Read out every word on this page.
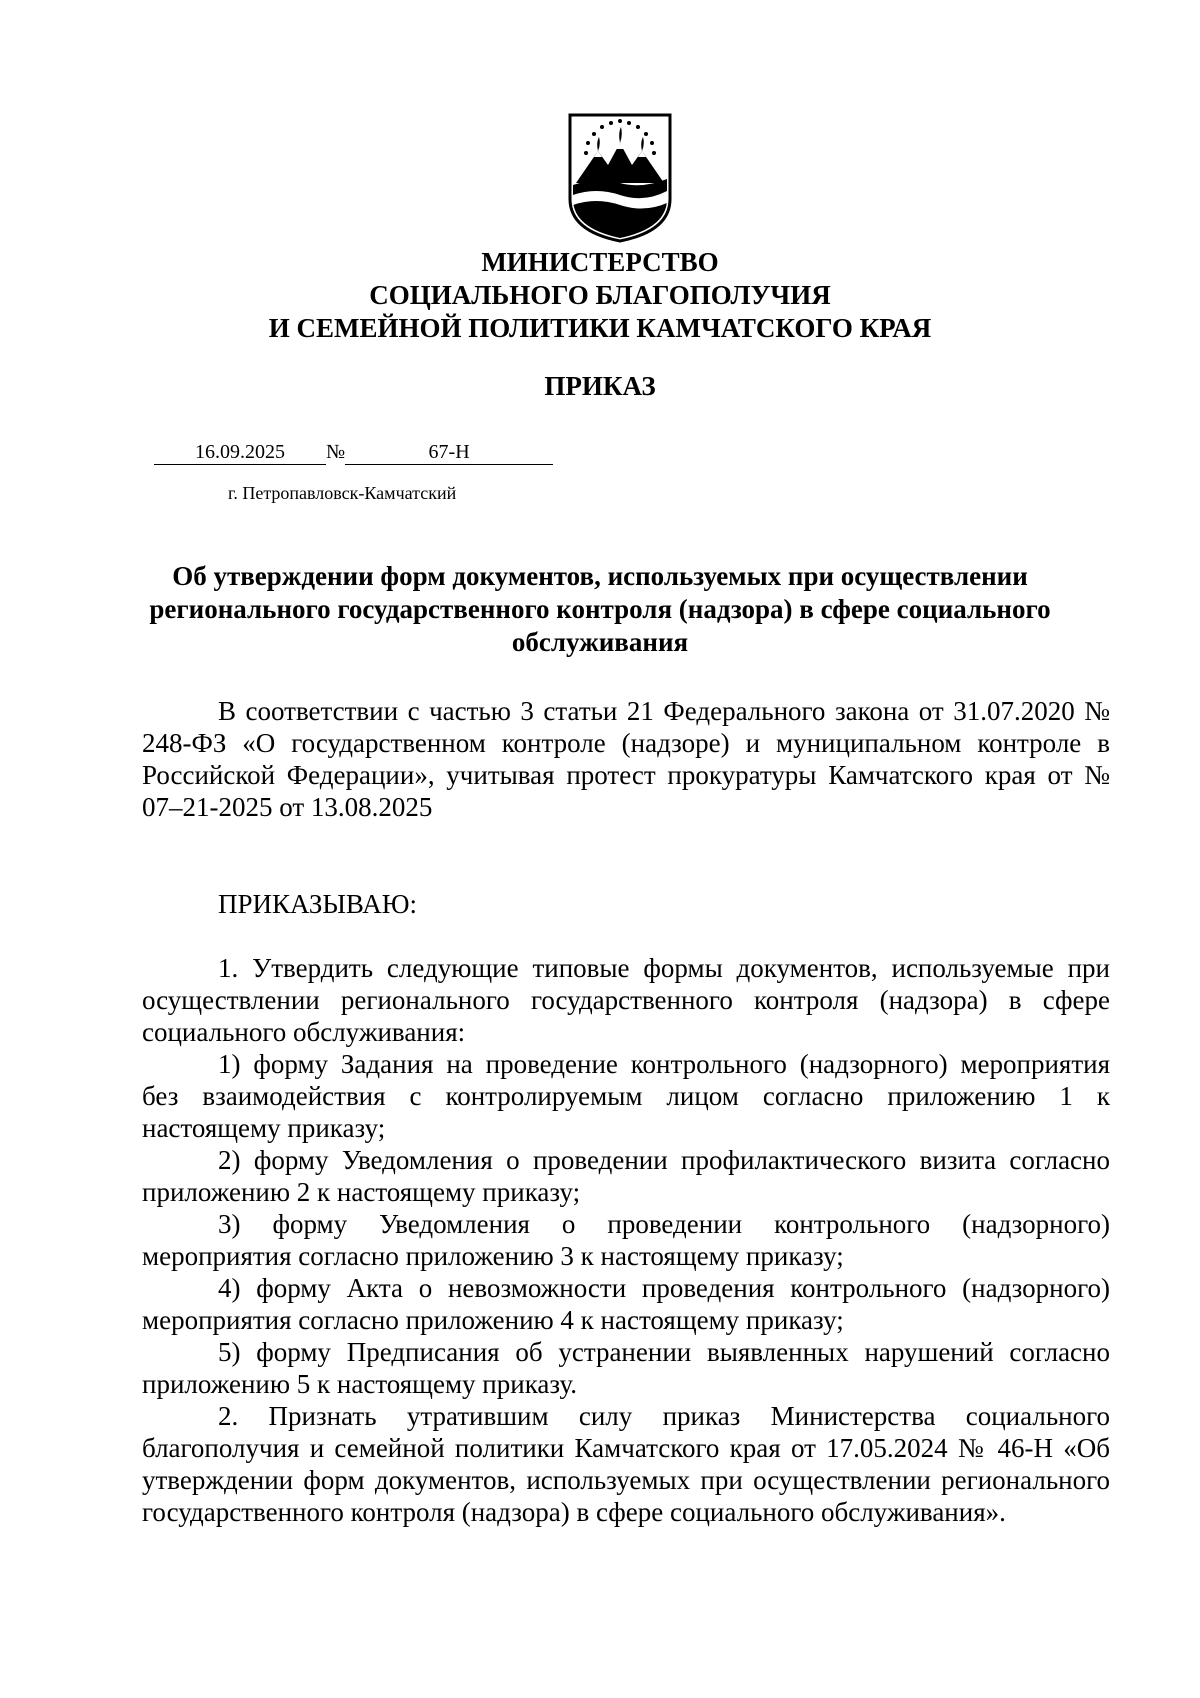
МИНИСТЕРСТВО
СОЦИАЛЬНОГО БЛАГОПОЛУЧИЯ
И СЕМЕЙНОЙ ПОЛИТИКИ КАМЧАТСКОГО КРАЯ
ПРИКАЗ
16.09.2025 №	67-Н
г. Петропавловск-Камчатский
Об утверждении форм документов, используемых при осуществлении
регионального государственного контроля (надзора) в сфере социального
обслуживания

В соответствии с частью 3 статьи 21 Федерального закона от 31.07.2020 № 248-ФЗ «О государственном контроле (надзоре) и муниципальном контроле в Российской Федерации», учитывая протест прокуратуры Камчатского края от № 07–21-2025 от 13.08.2025

ПРИКАЗЫВАЮ:

1. Утвердить следующие типовые формы документов, используемые при осуществлении регионального государственного контроля (надзора) в сфере социального обслуживания:

1) форму Задания на проведение контрольного (надзорного) мероприятия без взаимодействия с контролируемым лицом согласно приложению 1 к настоящему приказу;

2) форму Уведомления о проведении профилактического визита согласно приложению 2 к настоящему приказу;

3) форму Уведомления о проведении контрольного (надзорного) мероприятия согласно приложению 3 к настоящему приказу;

4) форму Акта о невозможности проведения контрольного (надзорного) мероприятия согласно приложению 4 к настоящему приказу;

5) форму Предписания об устранении выявленных нарушений согласно приложению 5 к настоящему приказу.

2. Признать утратившим силу приказ Министерства социального благополучия и семейной политики Камчатского края от 17.05.2024 № 46-Н «Об утверждении форм документов, используемых при осуществлении регионального государственного контроля (надзора) в сфере социального обслуживания».
